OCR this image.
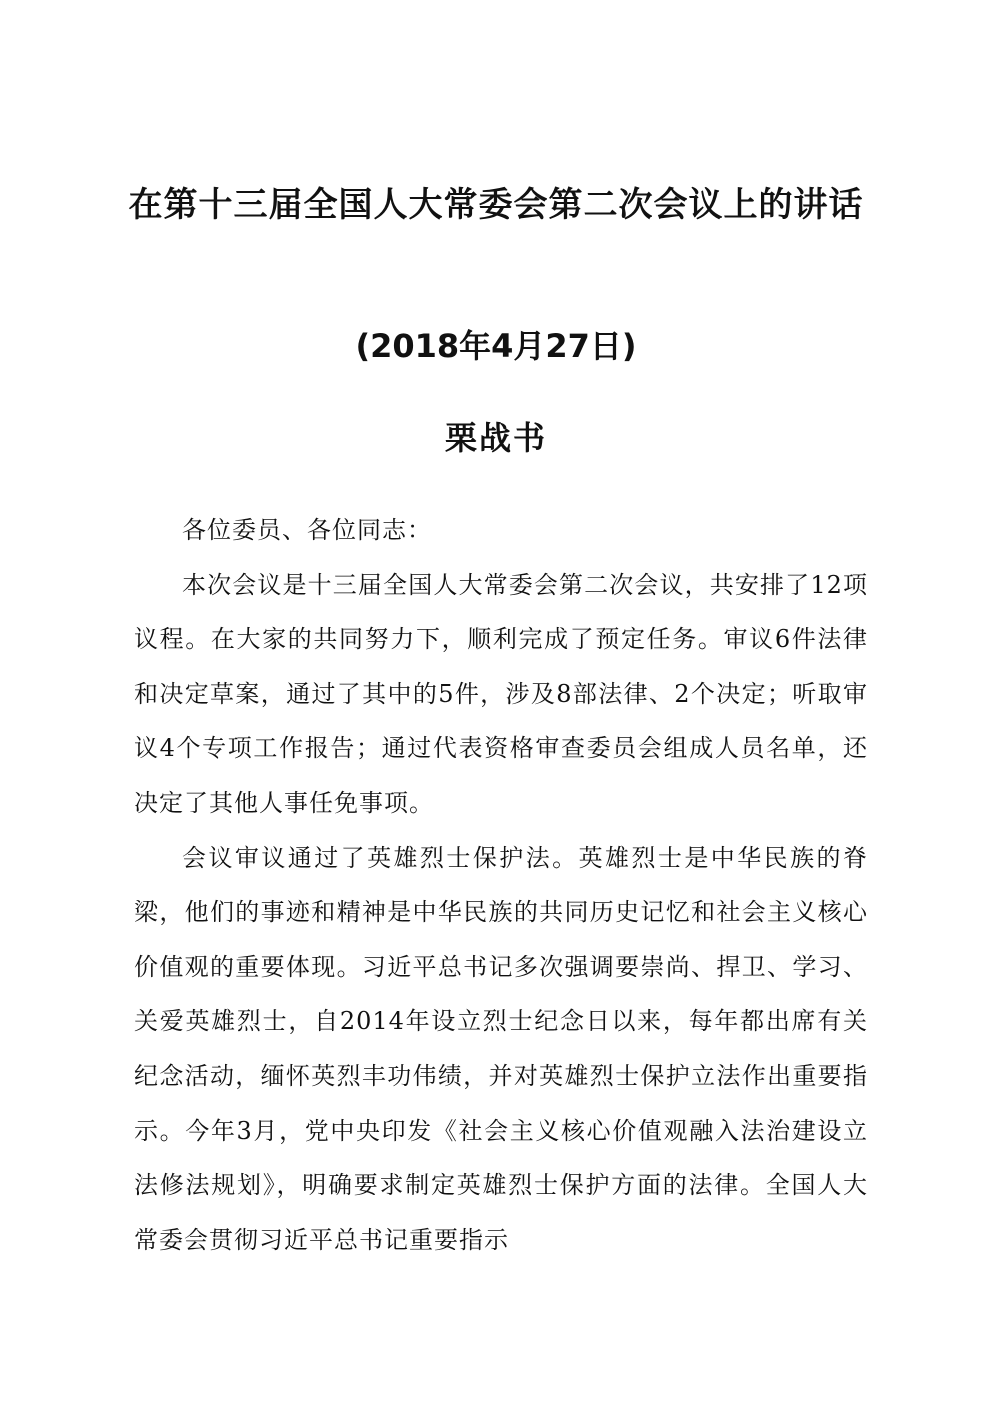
在第十三届全国人大常委会第二次会议上的讲话
(2018年4月27日)
栗战书

各位委员、各位同志：

本次会议是十三届全国人大常委会第二次会议，共安排了12项议程。在大家的共同努力下，顺利完成了预定任务。审议6件法律和决定草案，通过了其中的5件，涉及8部法律、2个决定；听取审议4个专项工作报告；通过代表资格审查委员会组成人员名单，还决定了其他人事任免事项。

会议审议通过了英雄烈士保护法。英雄烈士是中华民族的脊梁，他们的事迹和精神是中华民族的共同历史记忆和社会主义核心价值观的重要体现。习近平总书记多次强调要崇尚、捍卫、学习、关爱英雄烈士，自2014年设立烈士纪念日以来，每年都出席有关纪念活动，缅怀英烈丰功伟绩，并对英雄烈士保护立法作出重要指示。今年3月，党中央印发《社会主义核心价值观融入法治建设立法修法规划》，明确要求制定英雄烈士保护方面的法律。全国人大常委会贯彻习近平总书记重要指示
